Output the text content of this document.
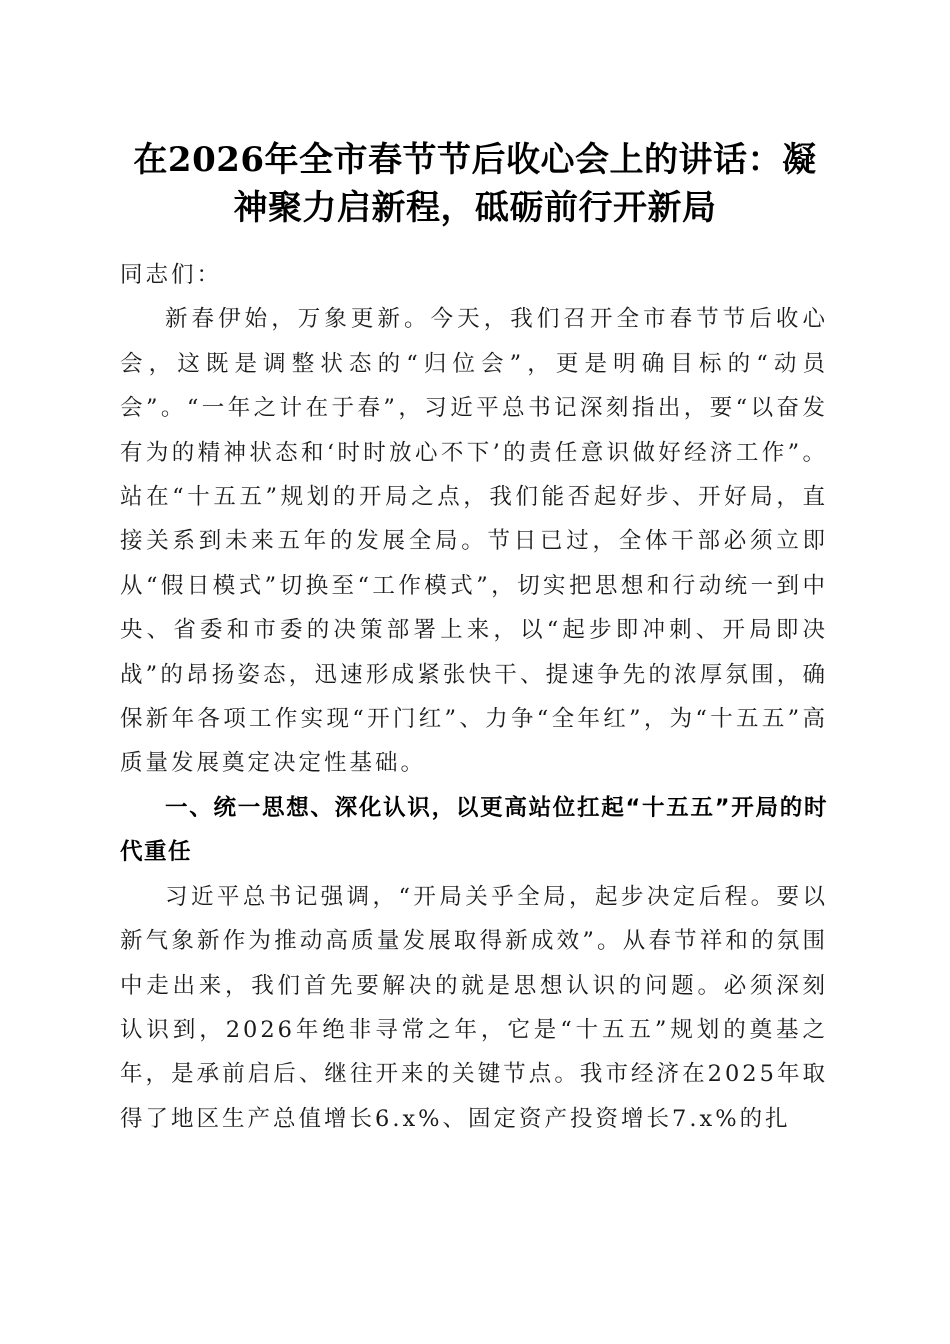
在2026年全市春节节后收心会上的讲话：凝神聚力启新程，砥砺前行开新局

同志们：

新春伊始，万象更新。今天，我们召开全市春节节后收心会，这既是调整状态的“归位会”，更是明确目标的“动员会”。“一年之计在于春”，习近平总书记深刻指出，要“以奋发有为的精神状态和‘时时放心不下’的责任意识做好经济工作”。站在“十五五”规划的开局之点，我们能否起好步、开好局，直接关系到未来五年的发展全局。节日已过，全体干部必须立即从“假日模式”切换至“工作模式”，切实把思想和行动统一到中央、省委和市委的决策部署上来，以“起步即冲刺、开局即决战”的昂扬姿态，迅速形成紧张快干、提速争先的浓厚氛围，确保新年各项工作实现“开门红”、力争“全年红”，为“十五五”高质量发展奠定决定性基础。

一、统一思想、深化认识，以更高站位扛起“十五五”开局的时代重任

习近平总书记强调，“开局关乎全局，起步决定后程。要以新气象新作为推动高质量发展取得新成效”。从春节祥和的氛围中走出来，我们首先要解决的就是思想认识的问题。必须深刻认识到，2026年绝非寻常之年，它是“十五五”规划的奠基之年，是承前启后、继往开来的关键节点。我市经济在2025年取得了地区生产总值增长6.x%、固定资产投资增长7.x%的扎
